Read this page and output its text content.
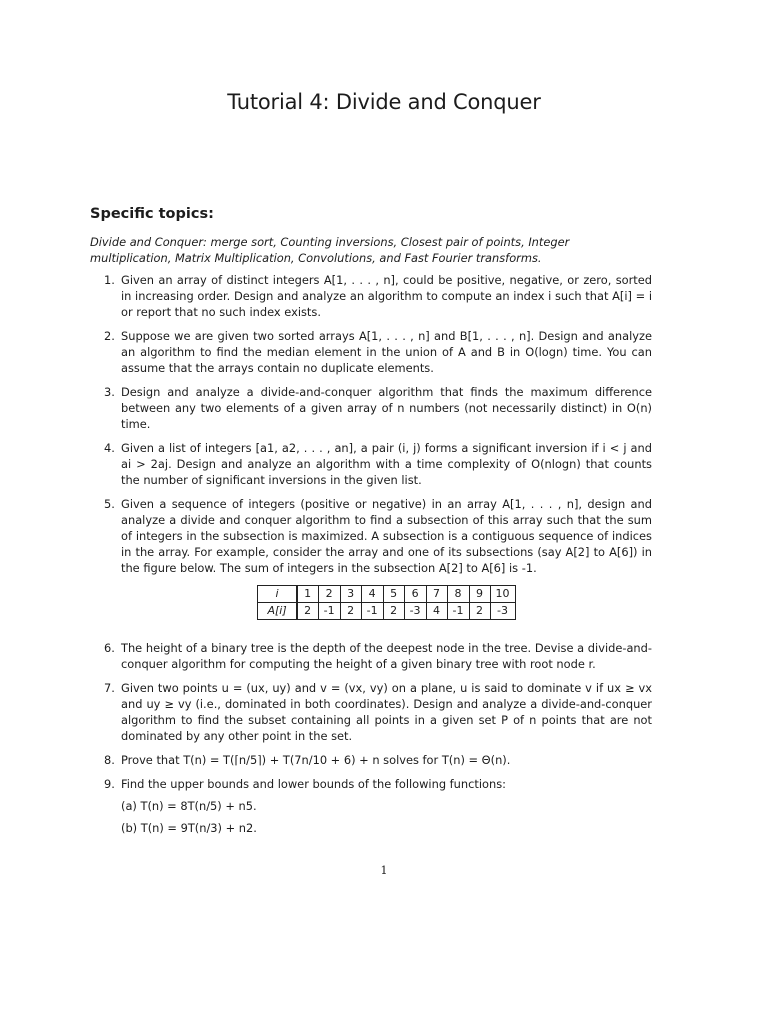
Tutorial 4: Divide and Conquer
Specific topics:
Divide and Conquer: merge sort, Counting inversions, Closest pair of points, Integer multiplication, Matrix Multiplication, Convolutions, and Fast Fourier transforms.
1. Given an array of distinct integers A[1, . . . , n], could be positive, negative, or zero, sorted in increasing order. Design and analyze an algorithm to compute an index i such that A[i] = i or report that no such index exists.
2. Suppose we are given two sorted arrays A[1, . . . , n] and B[1, . . . , n]. Design and analyze an algorithm to find the median element in the union of A and B in O(logn) time. You can assume that the arrays contain no duplicate elements.
3. Design and analyze a divide-and-conquer algorithm that finds the maximum difference between any two elements of a given array of n numbers (not necessarily distinct) in O(n) time.
4. Given a list of integers [a1, a2, . . . , an], a pair (i, j) forms a significant inversion if i < j and ai > 2aj. Design and analyze an algorithm with a time complexity of O(nlogn) that counts the number of significant inversions in the given list.
5. Given a sequence of integers (positive or negative) in an array A[1, . . . , n], design and analyze a divide and conquer algorithm to find a subsection of this array such that the sum of integers in the subsection is maximized. A subsection is a contiguous sequence of indices in the array. For example, consider the array and one of its subsections (say A[2] to A[6]) in the figure below. The sum of integers in the subsection A[2] to A[6] is -1.
i	1	2	3	4	5	6	7	8	9	10
A[i]	2	-1	2	-1	2	-3	4	-1	2	-3
6. The height of a binary tree is the depth of the deepest node in the tree. Devise a divide-and-conquer algorithm for computing the height of a given binary tree with root node r.
7. Given two points u = (ux, uy) and v = (vx, vy) on a plane, u is said to dominate v if ux ≥ vx and uy ≥ vy (i.e., dominated in both coordinates). Design and analyze a divide-and-conquer algorithm to find the subset containing all points in a given set P of n points that are not dominated by any other point in the set.
8. Prove that T(n) = T(⌈n/5⌉) + T(7n/10 + 6) + n solves for T(n) = Θ(n).
9. Find the upper bounds and lower bounds of the following functions:
(a) T(n) = 8T(n/5) + n5.
(b) T(n) = 9T(n/3) + n2.
1
